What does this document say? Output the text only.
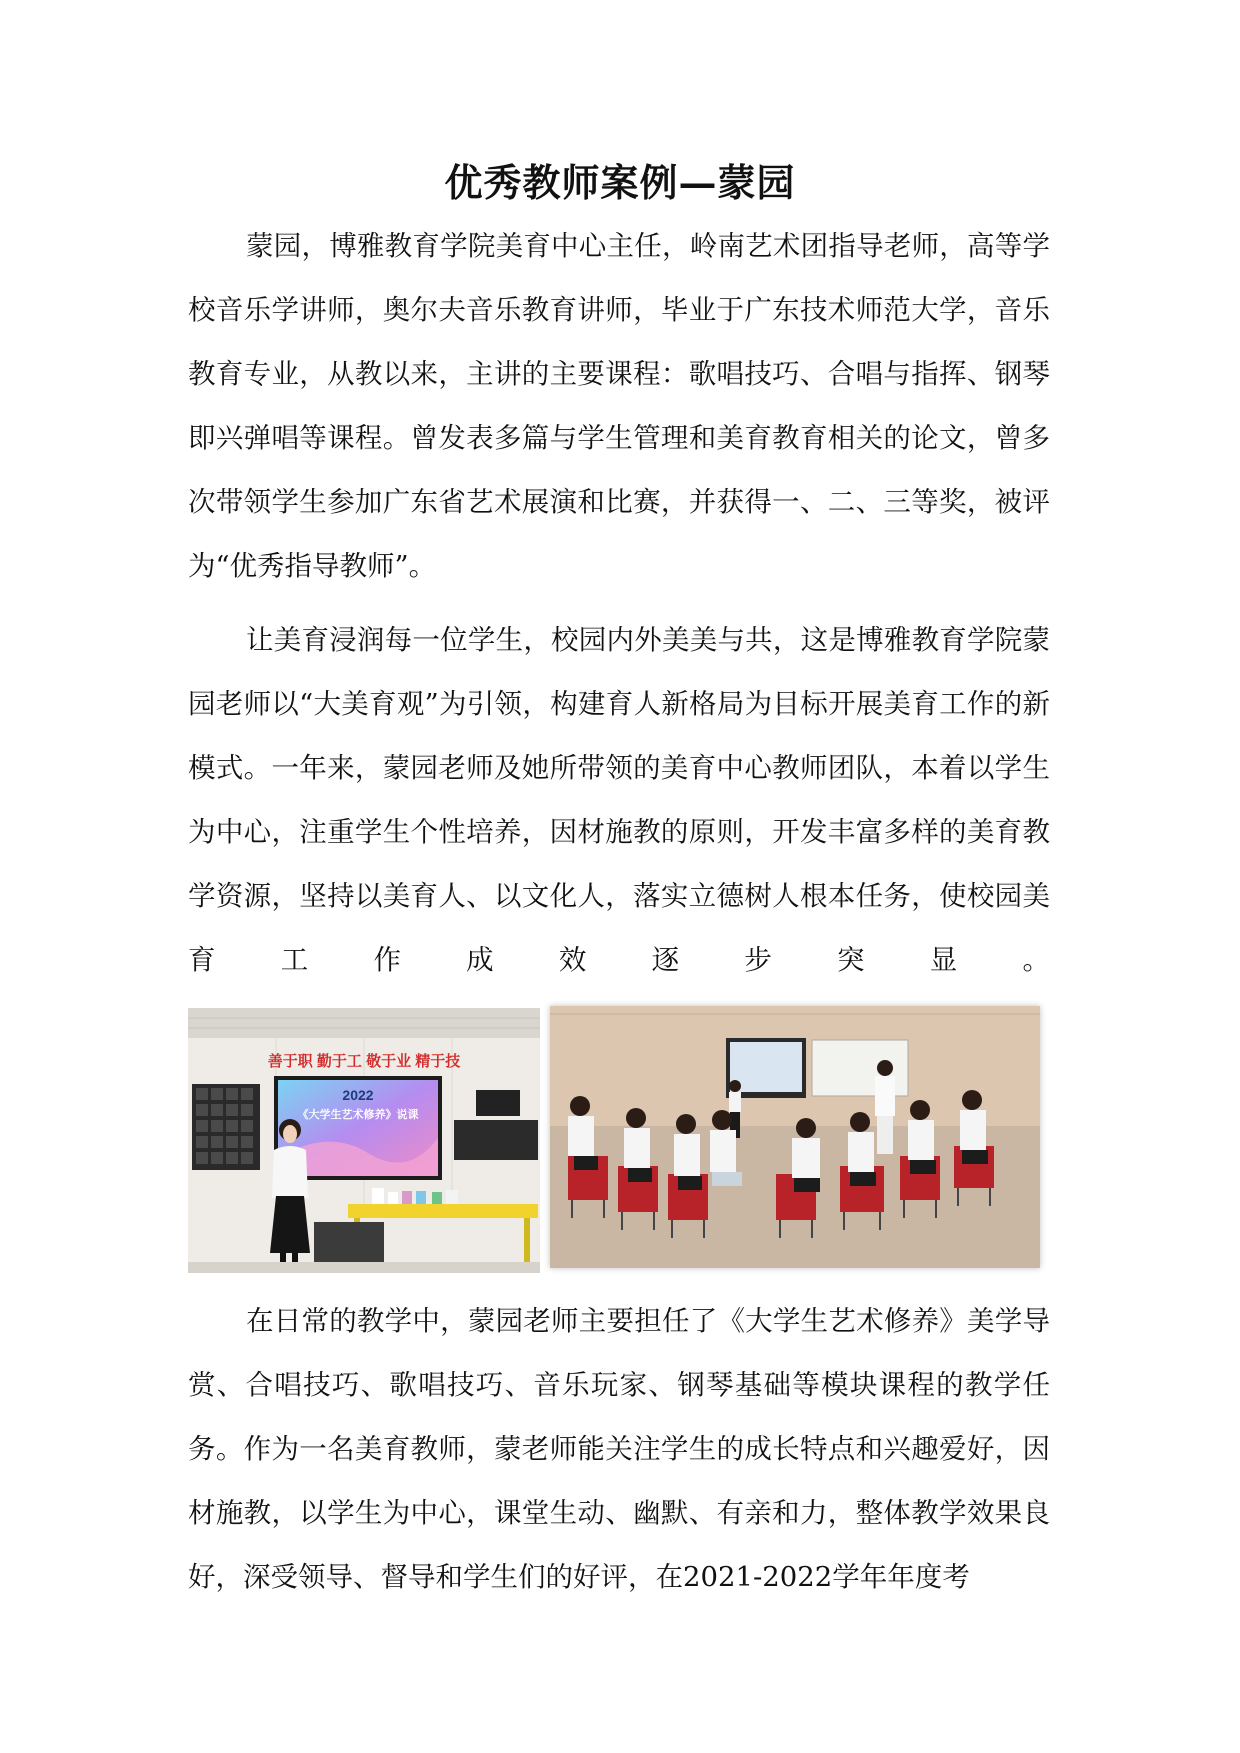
优秀教师案例—蒙园

蒙园，博雅教育学院美育中心主任，岭南艺术团指导老师，高等学校音乐学讲师，奥尔夫音乐教育讲师，毕业于广东技术师范大学，音乐教育专业，从教以来，主讲的主要课程：歌唱技巧、合唱与指挥、钢琴即兴弹唱等课程。曾发表多篇与学生管理和美育教育相关的论文，曾多次带领学生参加广东省艺术展演和比赛，并获得一、二、三等奖，被评为“优秀指导教师”。

让美育浸润每一位学生，校园内外美美与共，这是博雅教育学院蒙园老师以“大美育观”为引领，构建育人新格局为目标开展美育工作的新模式。一年来，蒙园老师及她所带领的美育中心教师团队，本着以学生为中心，注重学生个性培养，因材施教的原则，开发丰富多样的美育教学资源，坚持以美育人、以文化人，落实立德树人根本任务，使校园美育工作成效逐步突显。

善于职 勤于工 敬于业 精于技
2022
《大学生艺术修养》说课

在日常的教学中，蒙园老师主要担任了《大学生艺术修养》美学导赏、合唱技巧、歌唱技巧、音乐玩家、钢琴基础等模块课程的教学任务。作为一名美育教师，蒙老师能关注学生的成长特点和兴趣爱好，因材施教，以学生为中心，课堂生动、幽默、有亲和力，整体教学效果良好，深受领导、督导和学生们的好评，在2021-2022学年年度考
